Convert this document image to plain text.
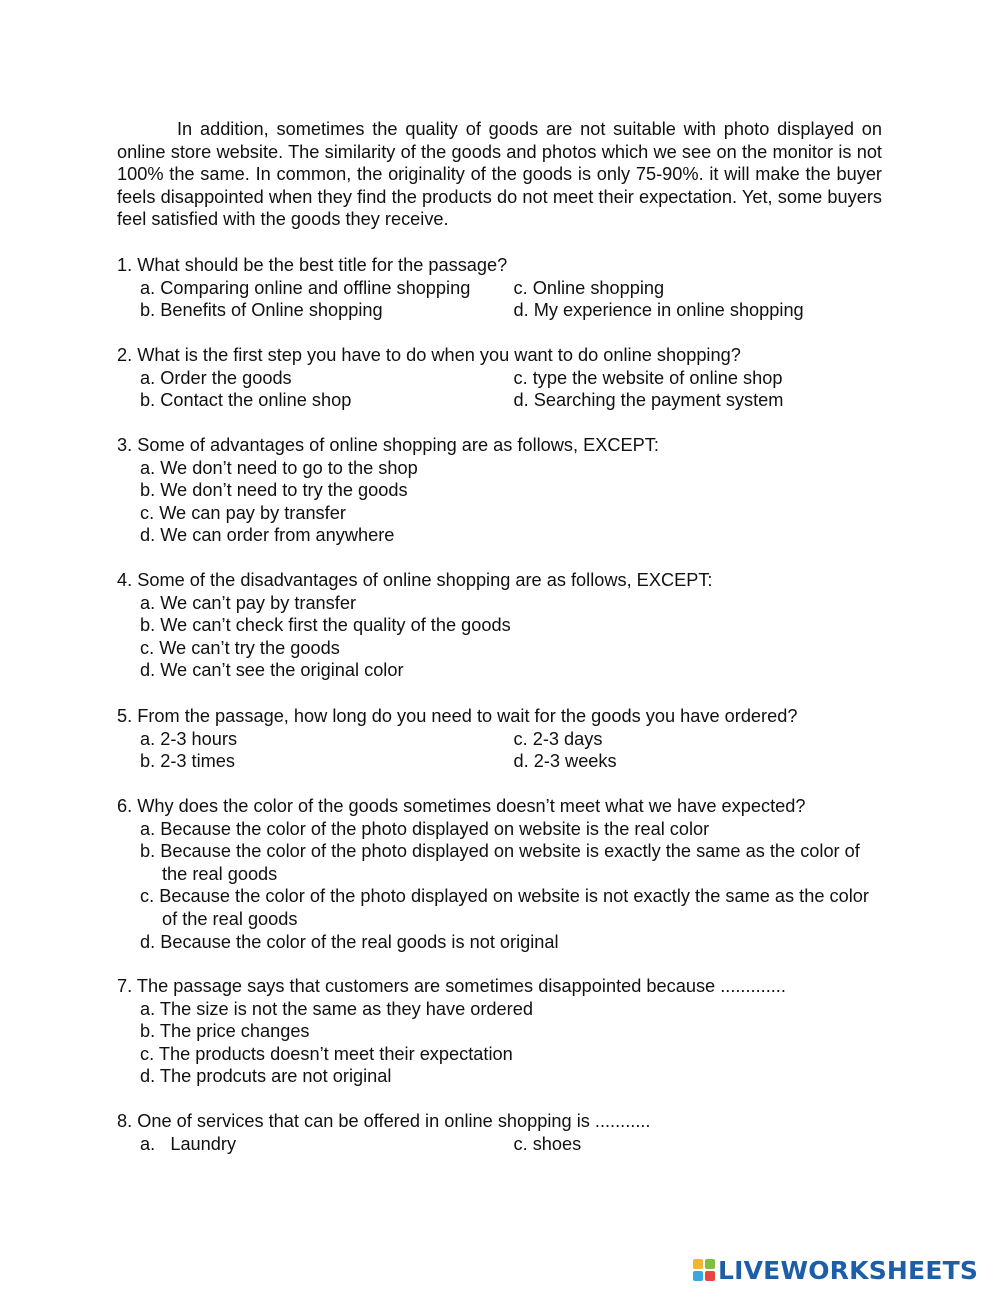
In addition, sometimes the quality of goods are not suitable with photo displayed on online store website. The similarity of the goods and photos which we see on the monitor is not 100% the same. In common, the originality of the goods is only 75-90%. it will make the buyer feels disappointed when they find the products do not meet their expectation. Yet, some buyers feel satisfied with the goods they receive.

1. What should be the best title for the passage?
a. Comparing online and offline shopping	c. Online shopping
b. Benefits of Online shopping	d. My experience in online shopping
2. What is the first step you have to do when you want to do online shopping?
a. Order the goods	c. type the website of online shop
b. Contact the online shop	d. Searching the payment system
3. Some of advantages of online shopping are as follows, EXCEPT:
a. We don’t need to go to the shop
b. We don’t need to try the goods
c. We can pay by transfer
d. We can order from anywhere
4. Some of the disadvantages of online shopping are as follows, EXCEPT:
a. We can’t pay by transfer
b. We can’t check first the quality of the goods
c. We can’t try the goods
d. We can’t see the original color
5. From the passage, how long do you need to wait for the goods you have ordered?
a. 2-3 hours	c. 2-3 days
b. 2-3 times	d. 2-3 weeks
6. Why does the color of the goods sometimes doesn’t meet what we have expected?
a. Because the color of the photo displayed on website is the real color
b. Because the color of the photo displayed on website is exactly the same as the color of the real goods
c. Because the color of the photo displayed on website is not exactly the same as the color of the real goods
d. Because the color of the real goods is not original
7. The passage says that customers are sometimes disappointed because .............
a. The size is not the same as they have ordered
b. The price changes
c. The products doesn’t meet their expectation
d. The prodcuts are not original
8. One of services that can be offered in online shopping is ...........
a.   Laundry	c. shoes
LIVEWORKSHEETS
